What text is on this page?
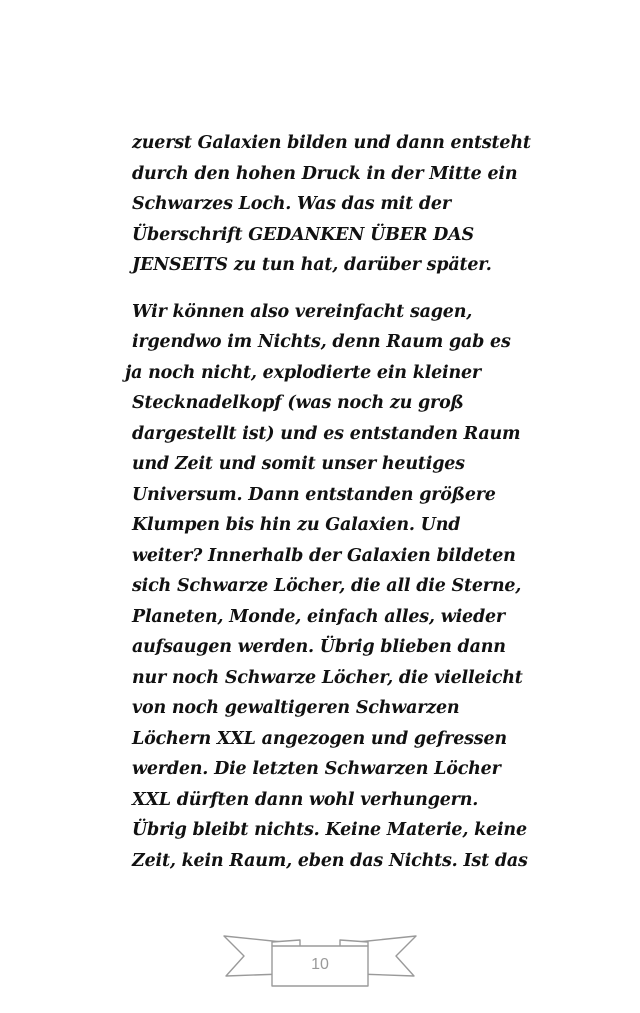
zuerst Galaxien bilden und dann entsteht
durch den hohen Druck in der Mitte ein
Schwarzes Loch. Was das mit der
Überschrift GEDANKEN ÜBER DAS
JENSEITS zu tun hat, darüber später.

Wir können also vereinfacht sagen,
irgendwo im Nichts, denn Raum gab es
ja noch nicht, explodierte ein kleiner
Stecknadelkopf (was noch zu groß
dargestellt ist) und es entstanden Raum
und Zeit und somit unser heutiges
Universum. Dann entstanden größere
Klumpen bis hin zu Galaxien. Und
weiter? Innerhalb der Galaxien bildeten
sich Schwarze Löcher, die all die Sterne,
Planeten, Monde, einfach alles, wieder
aufsaugen werden. Übrig blieben dann
nur noch Schwarze Löcher, die vielleicht
von noch gewaltigeren Schwarzen
Löchern XXL angezogen und gefressen
werden. Die letzten Schwarzen Löcher
XXL dürften dann wohl verhungern.
Übrig bleibt nichts. Keine Materie, keine
Zeit, kein Raum, eben das Nichts. Ist das

10
